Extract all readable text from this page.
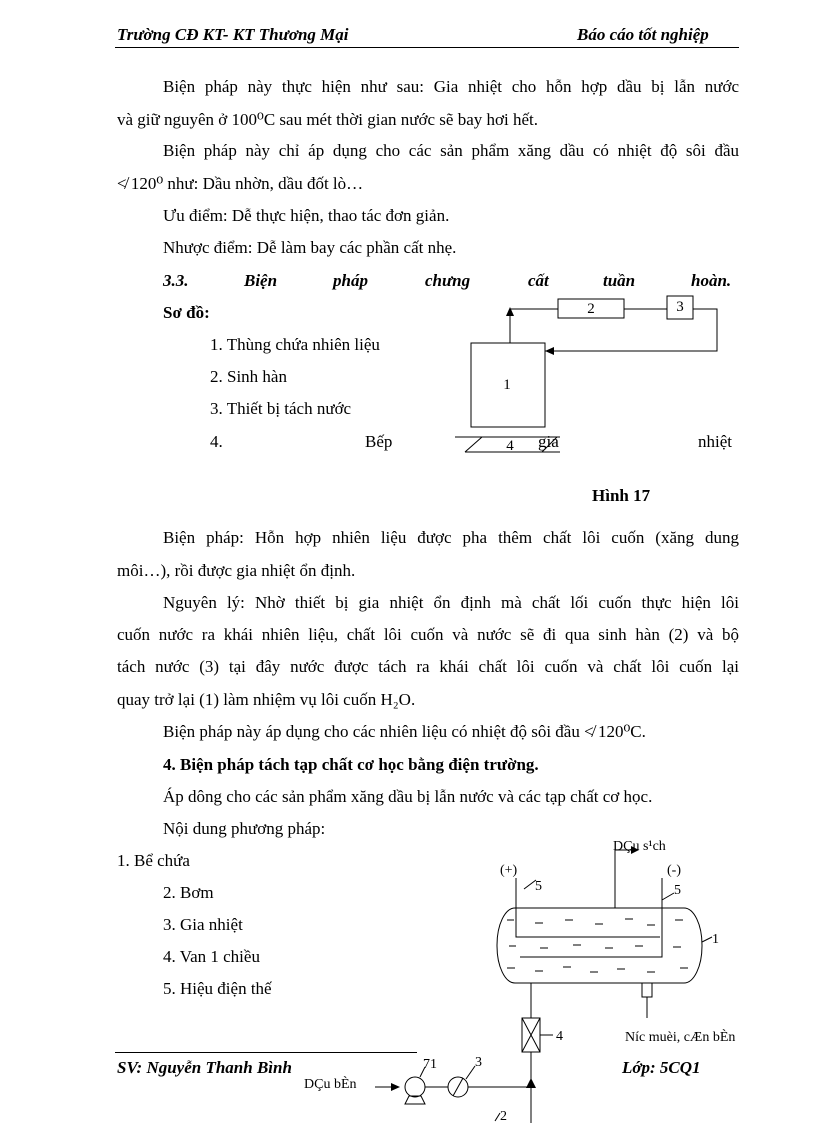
Trường CĐ KT- KT Thương Mại	Báo cáo tốt nghiệp
Biện pháp này thực hiện như sau: Gia nhiệt cho hỗn hợp dầu bị lẫn nước
và giữ nguyên ở 100⁰C sau mét thời gian nước sẽ bay hơi hết.
Biện pháp này chỉ áp dụng cho các sản phẩm xăng dầu có nhiệt độ sôi đầu
≮ 120⁰ như: Dầu nhờn, dầu đốt lò…
Ưu điểm: Dễ thực hiện, thao tác đơn giản.
Nhược điểm: Dễ làm bay các phần cất nhẹ.
3.3.	Biện	pháp	chưng	cất	tuần	hoàn.
Sơ đồ:
1. Thùng chứa nhiên liệu
2. Sinh hàn
3. Thiết bị tách nước
4.	Bếp	gia	nhiệt
1
2	3
4
Hình 17
Biện pháp: Hỗn hợp nhiên liệu được pha thêm chất lôi cuốn (xăng dung
môi…), rồi được gia nhiệt ổn định.
Nguyên lý: Nhờ thiết bị gia nhiệt ổn định mà chất lối cuốn thực hiện lôi
cuốn nước ra khái nhiên liệu, chất lôi cuốn và nước sẽ đi qua sinh hàn (2) và bộ
tách nước (3) tại đây nước được tách ra khái chất lôi cuốn và chất lôi cuốn lại
quay trở lại (1) làm nhiệm vụ lôi cuốn H₂O.
Biện pháp này áp dụng cho các nhiên liệu có nhiệt độ sôi đầu ≮ 120⁰C.
4. Biện pháp tách tạp chất cơ học bằng điện trường.
Áp dông cho các sản phẩm xăng dầu bị lẫn nước và các tạp chất cơ học.
Nội dung phương pháp:
1. Bể chứa
2. Bơm
3. Gia nhiệt
4. Van 1 chiều
5. Hiệu điện thế
DÇu s¹ch
(+)	(-)
5	5
1
4	Níc muèi, cÆn bÈn
DÇu bÈn
71	3
2
SV: Nguyễn Thanh Bình	Lớp: 5CQ1
